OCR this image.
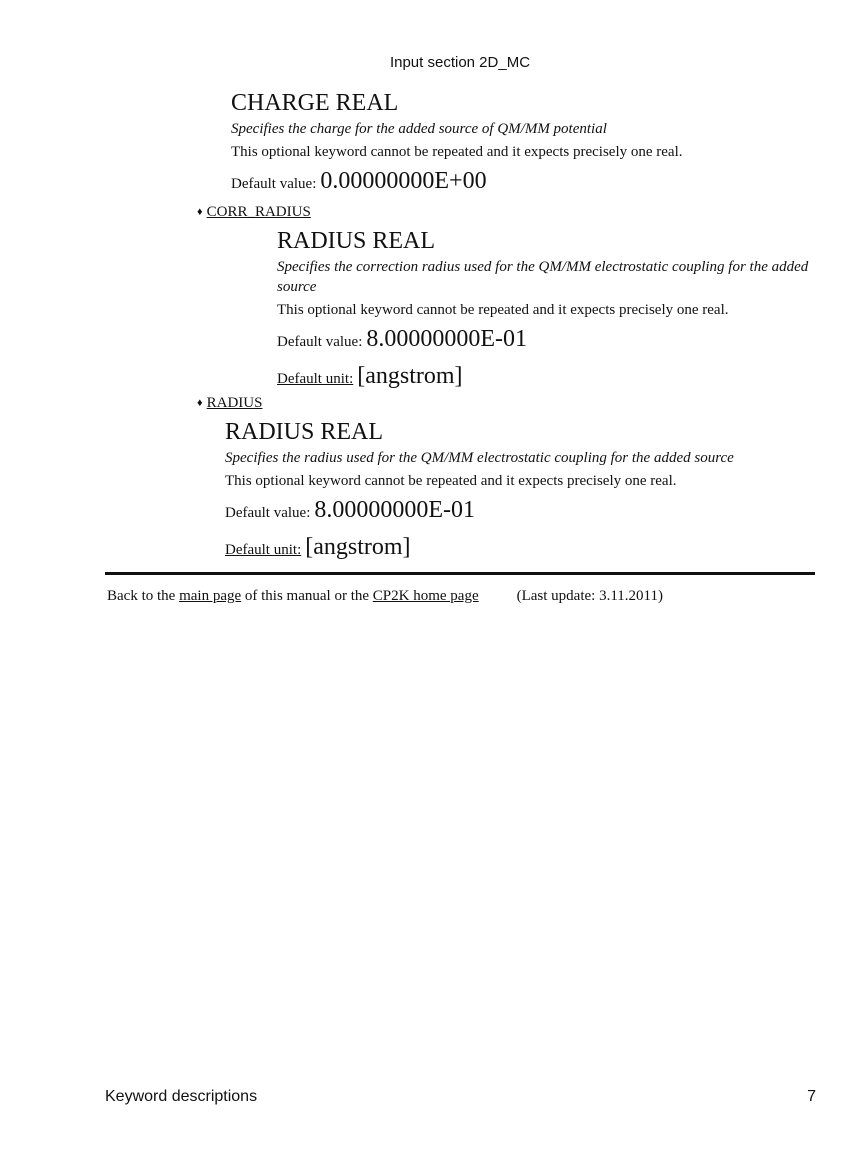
Input section 2D_MC
CHARGE REAL
Specifies the charge for the added source of QM/MM potential
This optional keyword cannot be repeated and it expects precisely one real.
Default value: 0.00000000E+00
♦ CORR_RADIUS
RADIUS REAL
Specifies the correction radius used for the QM/MM electrostatic coupling for the added source
This optional keyword cannot be repeated and it expects precisely one real.
Default value: 8.00000000E-01
Default unit: [angstrom]
♦ RADIUS
RADIUS REAL
Specifies the radius used for the QM/MM electrostatic coupling for the added source
This optional keyword cannot be repeated and it expects precisely one real.
Default value: 8.00000000E-01
Default unit: [angstrom]
Back to the main page of this manual or the CP2K home page	(Last update: 3.11.2011)
Keyword descriptions	7
